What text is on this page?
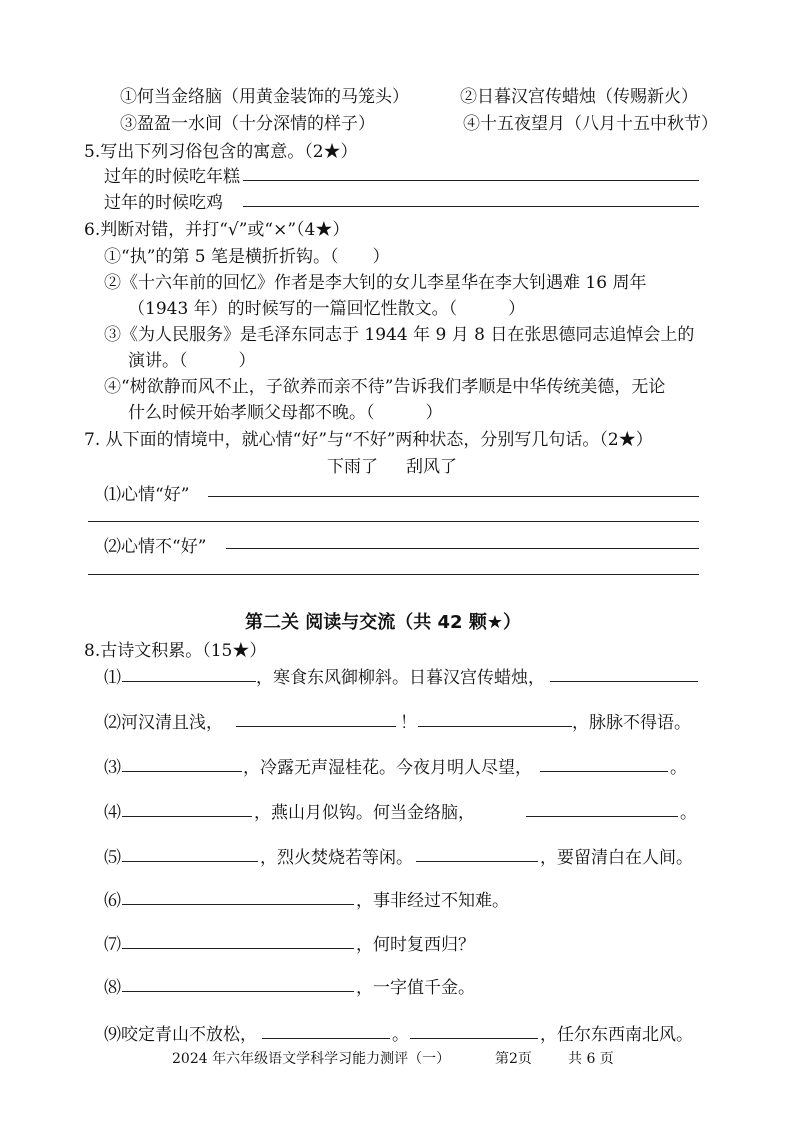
①何当金络脑（用黄金装饰的马笼头）	②日暮汉宫传蜡烛（传赐新火）
③盈盈一水间（十分深情的样子）	④十五夜望月（八月十五中秋节）
5.写出下列习俗包含的寓意。（2★）
过年的时候吃年糕
过年的时候吃鸡
6.判断对错，并打“√”或“×”（4★）
①“执”的第 5 笔是横折折钩。（　　）
②《十六年前的回忆》作者是李大钊的女儿李星华在李大钊遇难 16 周年
（1943 年）的时候写的一篇回忆性散文。（　　　）
③《为人民服务》是毛泽东同志于 1944 年 9 月 8 日在张思德同志追悼会上的
演讲。（　　　）
④“树欲静而风不止，子欲养而亲不待”告诉我们孝顺是中华传统美德，无论
什么时候开始孝顺父母都不晚。（　　　）
7. 从下面的情境中，就心情“好”与“不好”两种状态，分别写几句话。（2★）
下雨了 刮风了
⑴心情“好”
⑵心情不“好”
第二关 阅读与交流（共 42 颗★）
8.古诗文积累。（15★）
⑴	，寒食东风御柳斜。日暮汉宫传蜡烛，
⑵河汉清且浅，	！	，脉脉不得语。
⑶	，冷露无声湿桂花。今夜月明人尽望，	。
⑷	，燕山月似钩。何当金络脑，	。
⑸	，烈火焚烧若等闲。	，要留清白在人间。
⑹	，事非经过不知难。
⑺	，何时复西归？
⑻	，一字值千金。
⑼咬定青山不放松，	。	，任尔东西南北风。
2024 年六年级语文学科学习能力测评（一）	第2页	共 6 页
